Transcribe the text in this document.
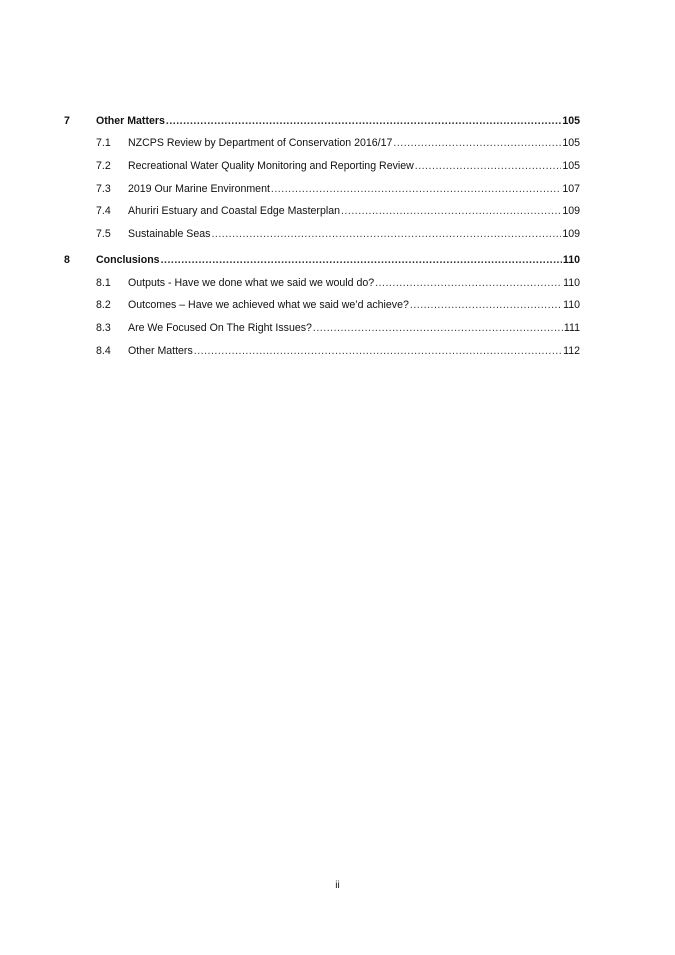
7	Other Matters .....	105
7.1	NZCPS Review by Department of Conservation 2016/17 .....	105
7.2	Recreational Water Quality Monitoring and Reporting Review .....	105
7.3	2019 Our Marine Environment .....	107
7.4	Ahuriri Estuary and Coastal Edge Masterplan .....	109
7.5	Sustainable Seas .....	109
8	Conclusions .....	110
8.1	Outputs - Have we done what we said we would do? .....	110
8.2	Outcomes – Have we achieved what we said we’d achieve? .....	110
8.3	Are We Focused On The Right Issues? .....	111
8.4	Other Matters .....	112
ii
